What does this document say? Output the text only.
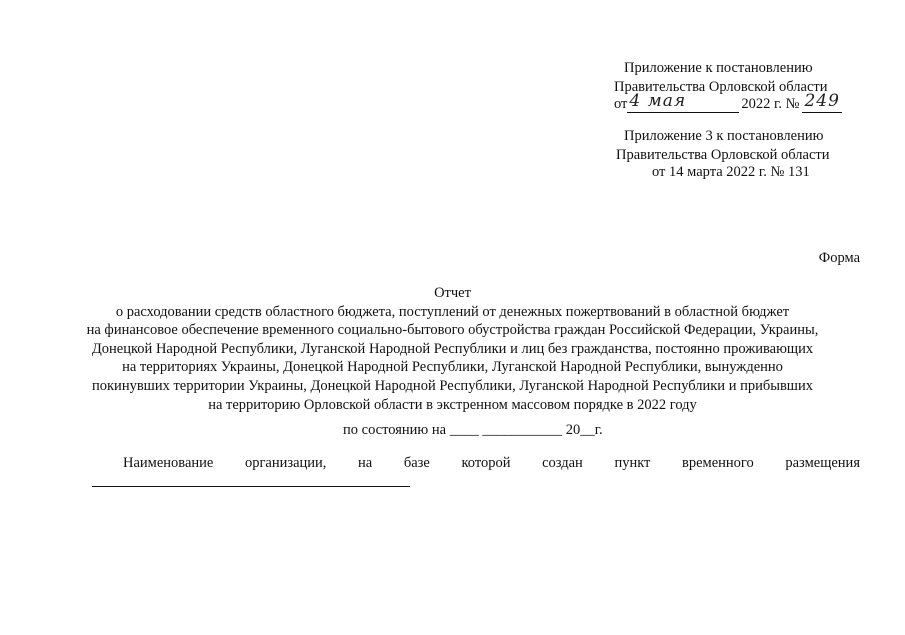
Приложение к постановлению
Правительства Орловской области
от 4 мая	2022 г. № 249
Приложение 3 к постановлению
Правительства Орловской области
от 14 марта 2022 г. № 131
Форма
Отчет
о расходовании средств областного бюджета, поступлений от денежных пожертвований в областной бюджет
на финансовое обеспечение временного социально-бытового обустройства граждан Российской Федерации, Украины,
Донецкой Народной Республики, Луганской Народной Республики и лиц без гражданства, постоянно проживающих
на территориях Украины, Донецкой Народной Республики, Луганской Народной Республики, вынужденно
покинувших территории Украины, Донецкой Народной Республики, Луганской Народной Республики и прибывших
на территорию Орловской области в экстренном массовом порядке в 2022 году
по состоянию на ____ ___________ 20__г.
Наименование организации, на базе которой создан пункт временного размещения
